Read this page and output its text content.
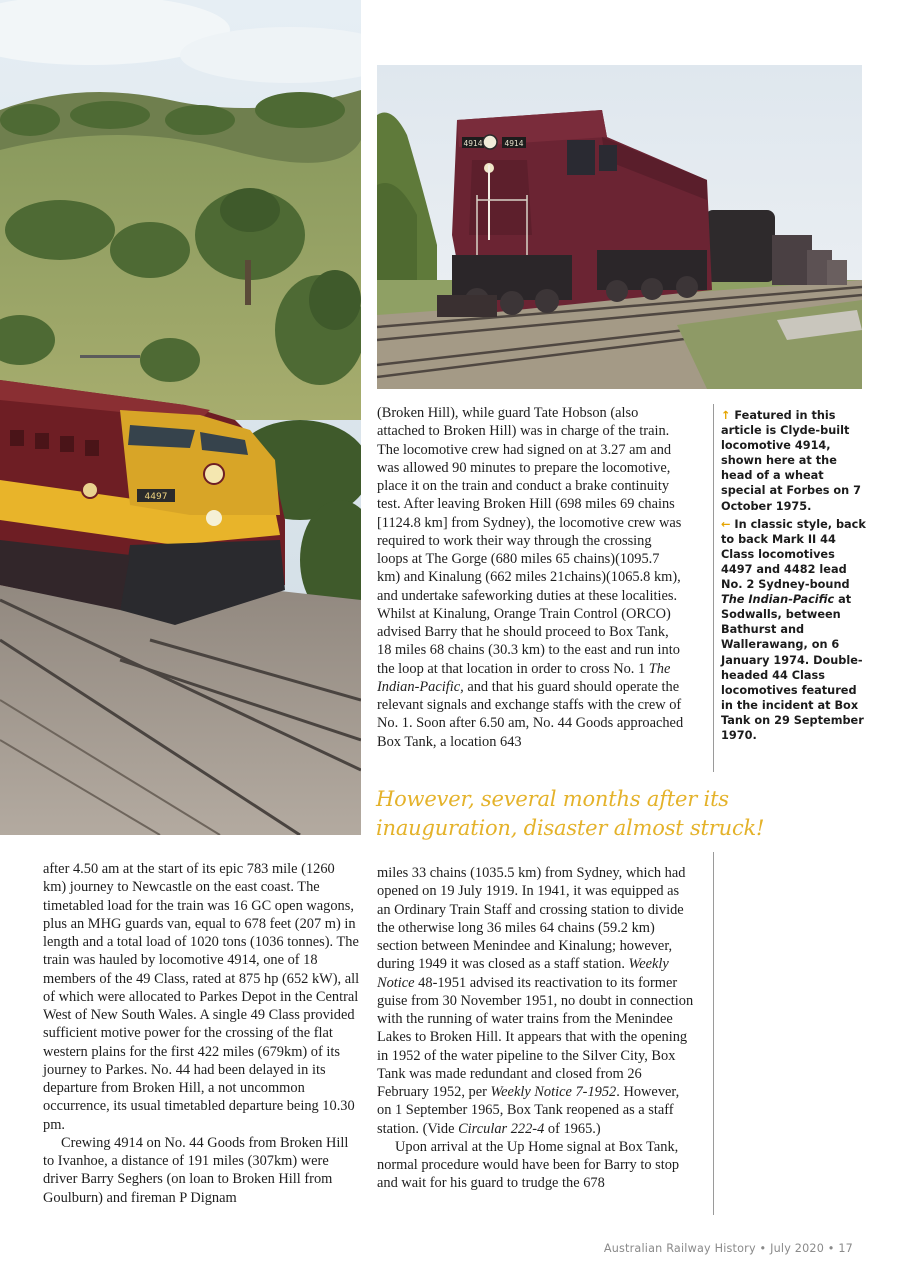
4497
4914	4914

(Broken Hill), while guard Tate Hobson (also attached to Broken Hill) was in charge of the train. The locomotive crew had signed on at 3.27 am and was allowed 90 minutes to prepare the locomotive, place it on the train and conduct a brake continuity test. After leaving Broken Hill (698 miles 69 chains [1124.8 km] from Sydney), the locomotive crew was required to work their way through the crossing loops at The Gorge (680 miles 65 chains)(1095.7 km) and Kinalung (662 miles 21chains)(1065.8 km), and undertake safeworking duties at these localities. Whilst at Kinalung, Orange Train Control (ORCO) advised Barry that he should proceed to Box Tank, 18 miles 68 chains (30.3 km) to the east and run into the loop at that location in order to cross No. 1 The Indian-Pacific, and that his guard should operate the relevant signals and exchange staffs with the crew of No. 1. Soon after 6.50 am, No. 44 Goods approached Box Tank, a location 643

↑ Featured in this article is Clyde-built locomotive 4914, shown here at the head of a wheat special at Forbes on 7 October 1975.

← In classic style, back to back Mark II 44 Class locomotives 4497 and 4482 lead No. 2 Sydney-bound The Indian-Pacific at Sodwalls, between Bathurst and Wallerawang, on 6 January 1974. Double-headed 44 Class locomotives featured in the incident at Box Tank on 29 September 1970.

However, several months after its inauguration, disaster almost struck!

after 4.50 am at the start of its epic 783 mile (1260 km) journey to Newcastle on the east coast. The timetabled load for the train was 16 GC open wagons, plus an MHG guards van, equal to 678 feet (207 m) in length and a total load of 1020 tons (1036 tonnes). The train was hauled by locomotive 4914, one of 18 members of the 49 Class, rated at 875 hp (652 kW), all of which were allocated to Parkes Depot in the Central West of New South Wales. A single 49 Class provided sufficient motive power for the crossing of the flat western plains for the first 422 miles (679km) of its journey to Parkes. No. 44 had been delayed in its departure from Broken Hill, a not uncommon occurrence, its usual timetabled departure being 10.30 pm.

Crewing 4914 on No. 44 Goods from Broken Hill to Ivanhoe, a distance of 191 miles (307km) were driver Barry Seghers (on loan to Broken Hill from Goulburn) and fireman P Dignam

miles 33 chains (1035.5 km) from Sydney, which had opened on 19 July 1919. In 1941, it was equipped as an Ordinary Train Staff and crossing station to divide the otherwise long 36 miles 64 chains (59.2 km) section between Menindee and Kinalung; however, during 1949 it was closed as a staff station. Weekly Notice 48-1951 advised its reactivation to its former guise from 30 November 1951, no doubt in connection with the running of water trains from the Menindee Lakes to Broken Hill. It appears that with the opening in 1952 of the water pipeline to the Silver City, Box Tank was made redundant and closed from 26 February 1952, per Weekly Notice 7-1952. However, on 1 September 1965, Box Tank reopened as a staff station. (Vide Circular 222-4 of 1965.)

Upon arrival at the Up Home signal at Box Tank, normal procedure would have been for Barry to stop and wait for his guard to trudge the 678

Australian Railway History • July 2020 • 17
